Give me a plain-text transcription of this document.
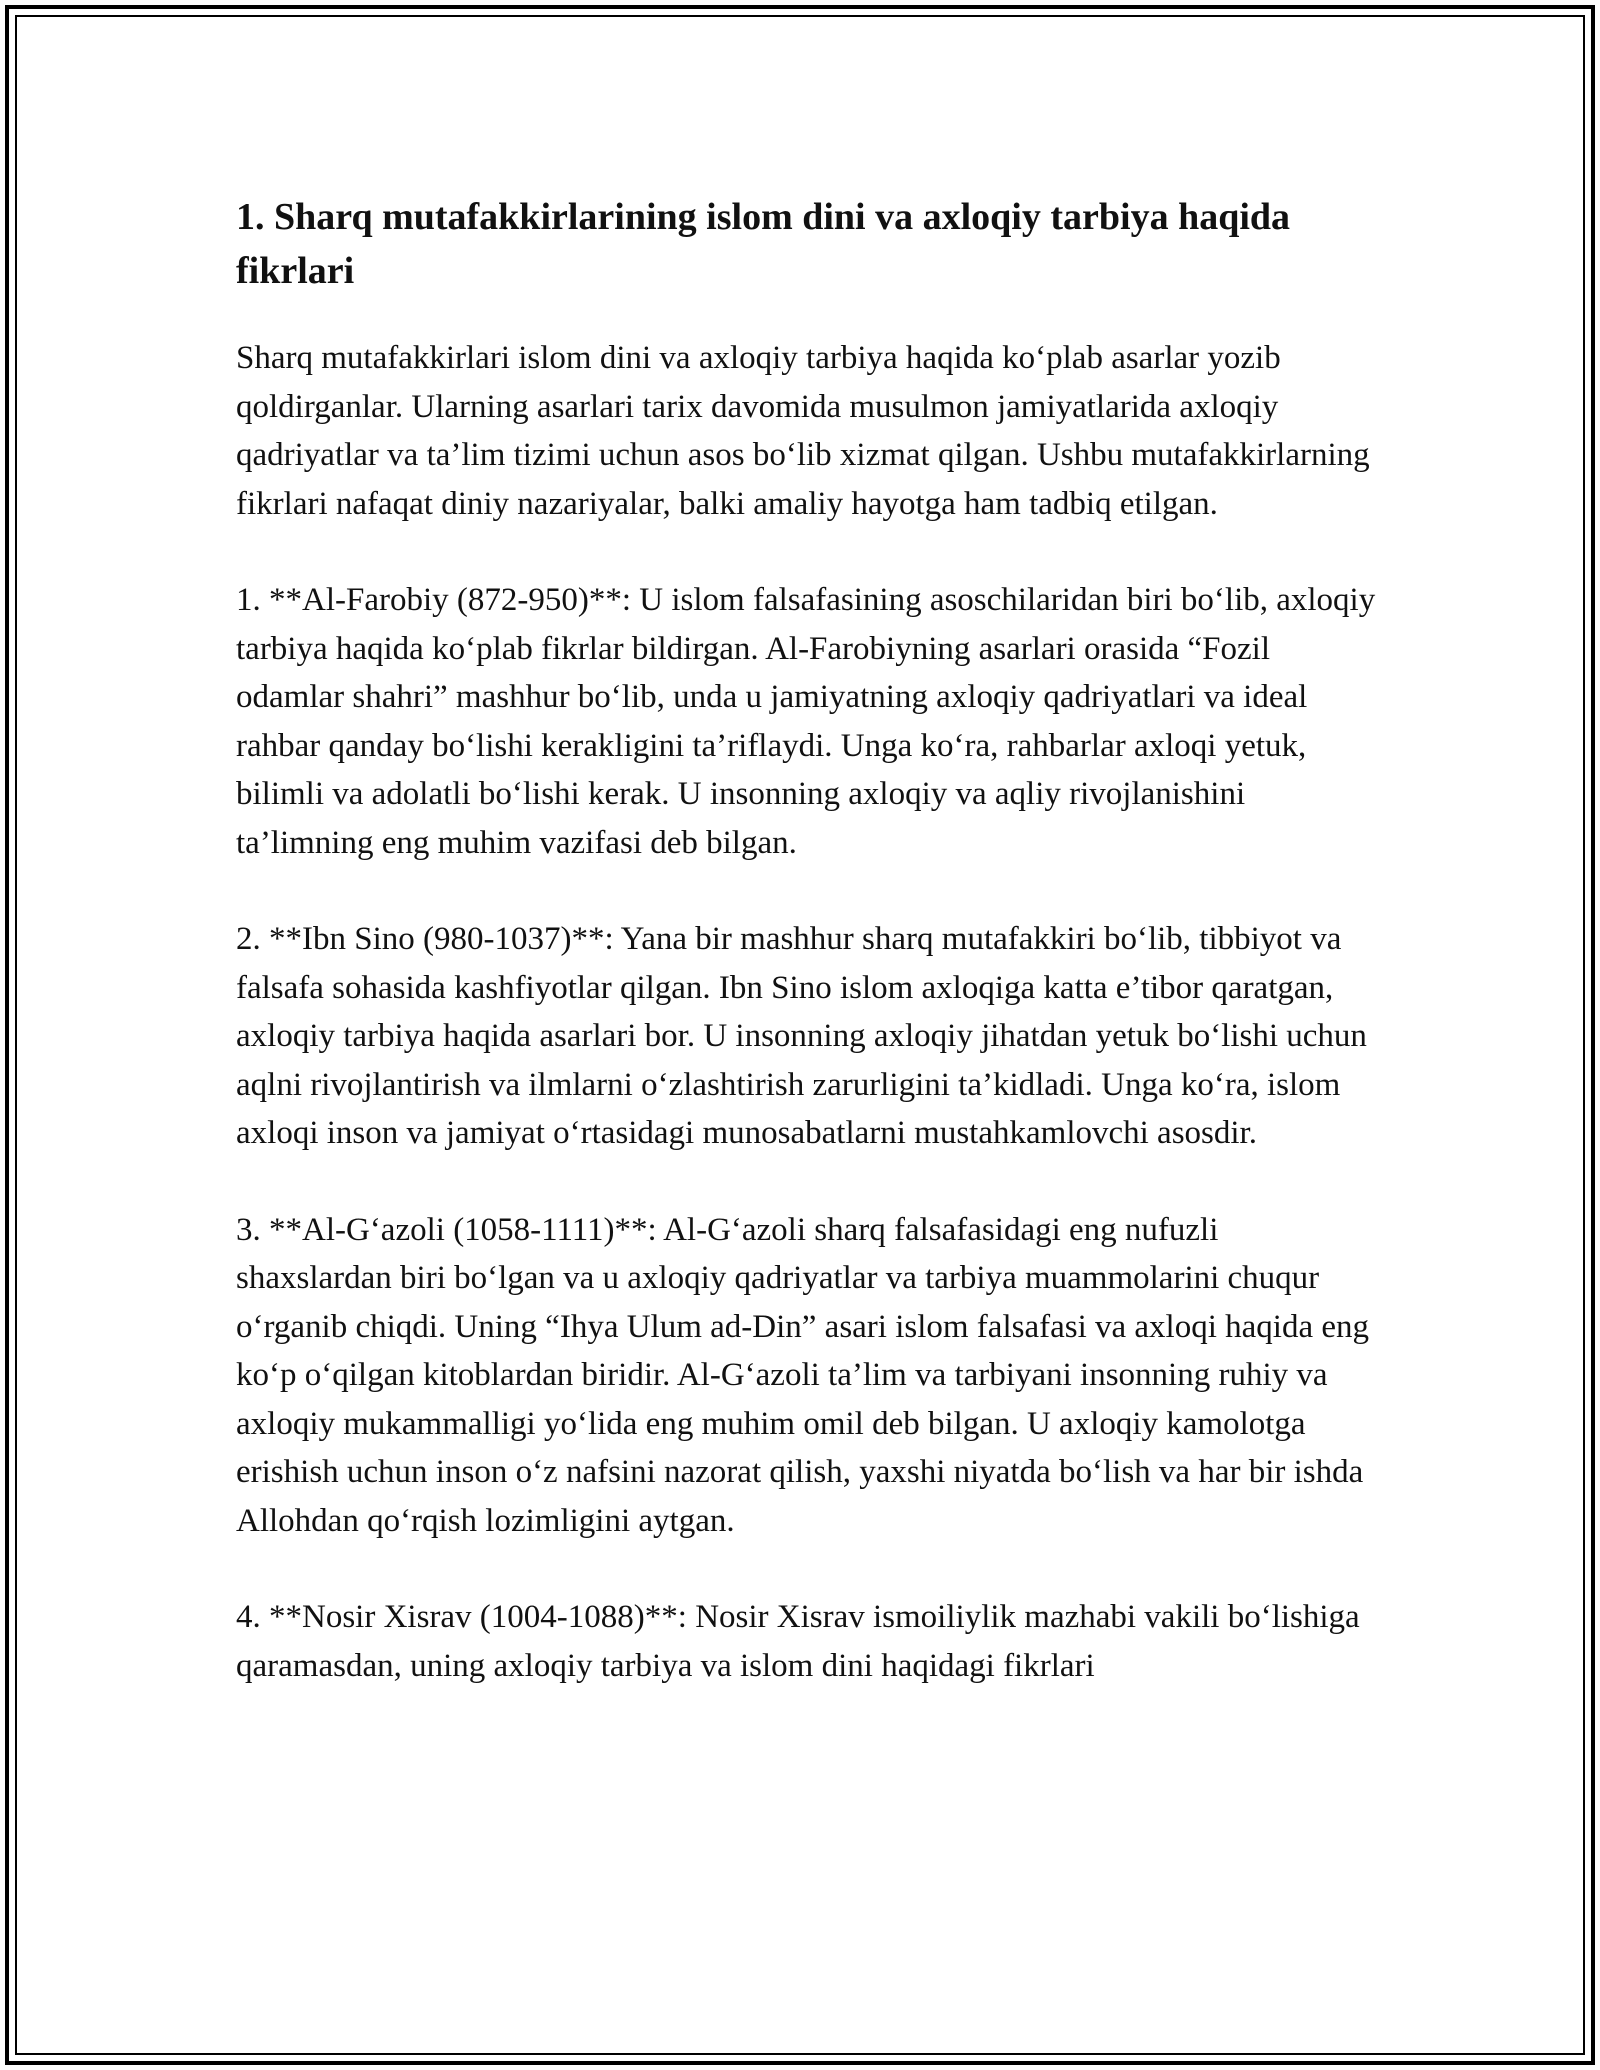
1. Sharq mutafakkirlarining islom dini va axloqiy tarbiya haqida fikrlari

Sharq mutafakkirlari islom dini va axloqiy tarbiya haqida ko‘plab asarlar yozib qoldirganlar. Ularning asarlari tarix davomida musulmon jamiyatlarida axloqiy qadriyatlar va ta’lim tizimi uchun asos bo‘lib xizmat qilgan. Ushbu mutafakkirlarning fikrlari nafaqat diniy nazariyalar, balki amaliy hayotga ham tadbiq etilgan.

1. **Al-Farobiy (872-950)**: U islom falsafasining asoschilaridan biri bo‘lib, axloqiy tarbiya haqida ko‘plab fikrlar bildirgan. Al-Farobiyning asarlari orasida “Fozil odamlar shahri” mashhur bo‘lib, unda u jamiyatning axloqiy qadriyatlari va ideal rahbar qanday bo‘lishi kerakligini ta’riflaydi. Unga ko‘ra, rahbarlar axloqi yetuk, bilimli va adolatli bo‘lishi kerak. U insonning axloqiy va aqliy rivojlanishini ta’limning eng muhim vazifasi deb bilgan.

2. **Ibn Sino (980-1037)**: Yana bir mashhur sharq mutafakkiri bo‘lib, tibbiyot va falsafa sohasida kashfiyotlar qilgan. Ibn Sino islom axloqiga katta e’tibor qaratgan, axloqiy tarbiya haqida asarlari bor. U insonning axloqiy jihatdan yetuk bo‘lishi uchun aqlni rivojlantirish va ilmlarni o‘zlashtirish zarurligini ta’kidladi. Unga ko‘ra, islom axloqi inson va jamiyat o‘rtasidagi munosabatlarni mustahkamlovchi asosdir.

3. **Al-G‘azoli (1058-1111)**: Al-G‘azoli sharq falsafasidagi eng nufuzli shaxslardan biri bo‘lgan va u axloqiy qadriyatlar va tarbiya muammolarini chuqur o‘rganib chiqdi. Uning “Ihya Ulum ad-Din” asari islom falsafasi va axloqi haqida eng ko‘p o‘qilgan kitoblardan biridir. Al-G‘azoli ta’lim va tarbiyani insonning ruhiy va axloqiy mukammalligi yo‘lida eng muhim omil deb bilgan. U axloqiy kamolotga erishish uchun inson o‘z nafsini nazorat qilish, yaxshi niyatda bo‘lish va har bir ishda Allohdan qo‘rqish lozimligini aytgan.

4. **Nosir Xisrav (1004-1088)**: Nosir Xisrav ismoiliylik mazhabi vakili bo‘lishiga qaramasdan, uning axloqiy tarbiya va islom dini haqidagi fikrlari
